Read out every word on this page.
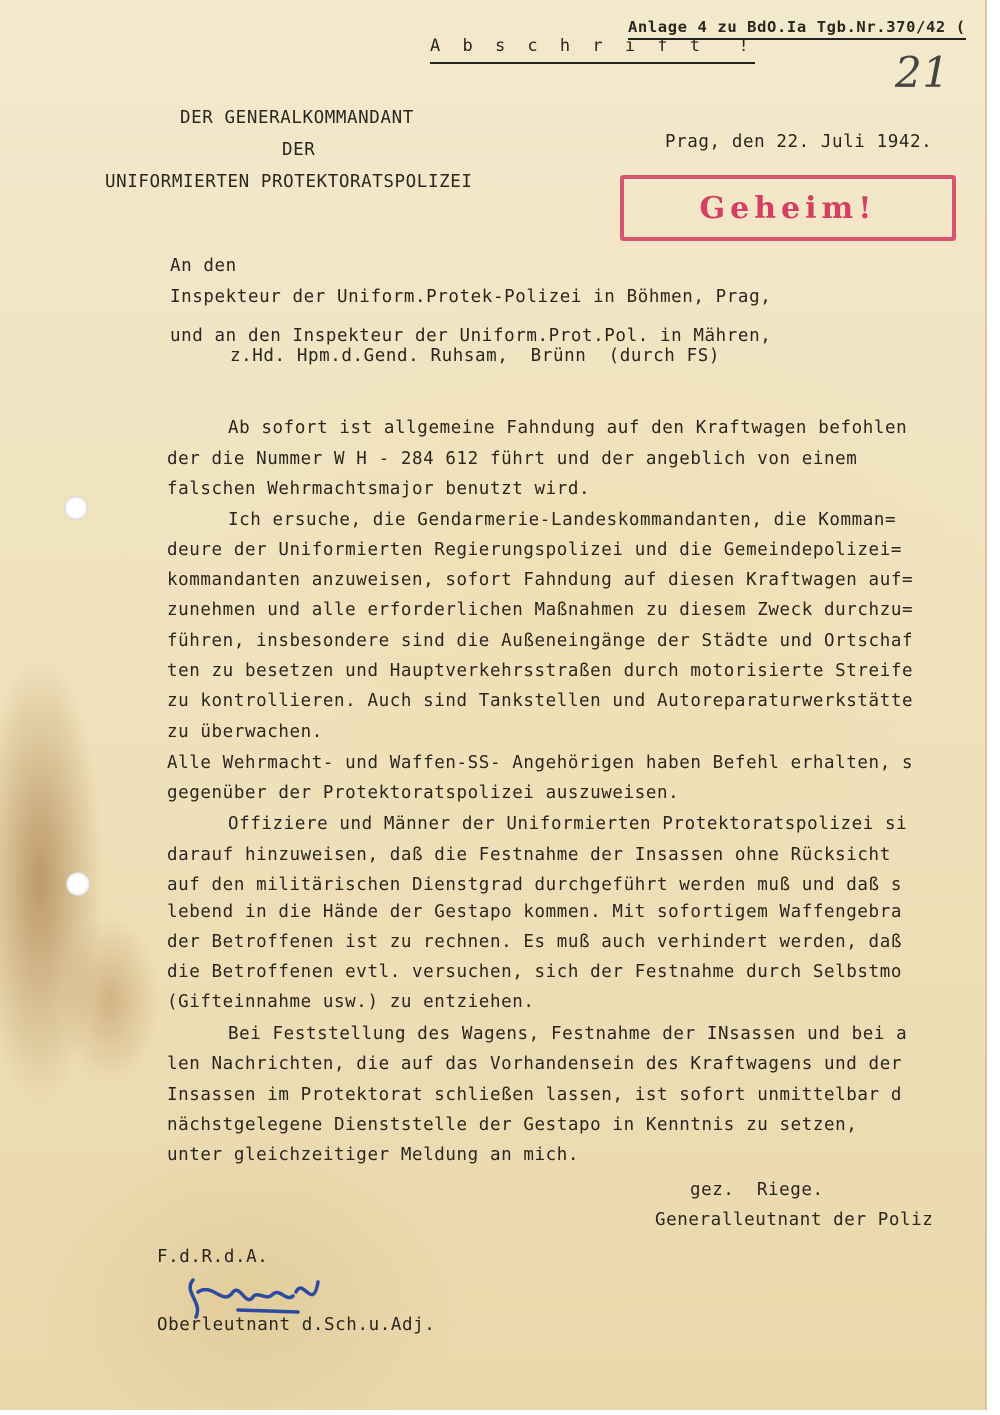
Anlage 4 zu BdO.Ia Tgb.Nr.370/42 (
A b s c h r i f t  !
21
DER GENERALKOMMANDANT
DER
UNIFORMIERTEN PROTEKTORATSPOLIZEI
Prag, den 22. Juli 1942.
Geheim!
An den
Inspekteur der Uniform.Protek-Polizei in Böhmen, Prag,
und an den Inspekteur der Uniform.Prot.Pol. in Mähren,
z.Hd. Hpm.d.Gend. Ruhsam,  Brünn  (durch FS)
Ab sofort ist allgemeine Fahndung auf den Kraftwagen befohlen
der die Nummer W H - 284 612 führt und der angeblich von einem
falschen Wehrmachtsmajor benutzt wird.
Ich ersuche, die Gendarmerie-Landeskommandanten, die Komman=
deure der Uniformierten Regierungspolizei und die Gemeindepolizei=
kommandanten anzuweisen, sofort Fahndung auf diesen Kraftwagen auf=
zunehmen und alle erforderlichen Maßnahmen zu diesem Zweck durchzu=
führen, insbesondere sind die Außeneingänge der Städte und Ortschaf
ten zu besetzen und Hauptverkehrsstraßen durch motorisierte Streife
zu kontrollieren. Auch sind Tankstellen und Autoreparaturwerkstätte
zu überwachen.
Alle Wehrmacht- und Waffen-SS- Angehörigen haben Befehl erhalten, s
gegenüber der Protektoratspolizei auszuweisen.
Offiziere und Männer der Uniformierten Protektoratspolizei si
darauf hinzuweisen, daß die Festnahme der Insassen ohne Rücksicht
auf den militärischen Dienstgrad durchgeführt werden muß und daß s
lebend in die Hände der Gestapo kommen. Mit sofortigem Waffengebra
der Betroffenen ist zu rechnen. Es muß auch verhindert werden, daß
die Betroffenen evtl. versuchen, sich der Festnahme durch Selbstmo
(Gifteinnahme usw.) zu entziehen.
Bei Feststellung des Wagens, Festnahme der INsassen und bei a
len Nachrichten, die auf das Vorhandensein des Kraftwagens und der
Insassen im Protektorat schließen lassen, ist sofort unmittelbar d
nächstgelegene Dienststelle der Gestapo in Kenntnis zu setzen,
unter gleichzeitiger Meldung an mich.
gez.  Riege.
Generalleutnant der Poliz
F.d.R.d.A.
Oberleutnant d.Sch.u.Adj.
